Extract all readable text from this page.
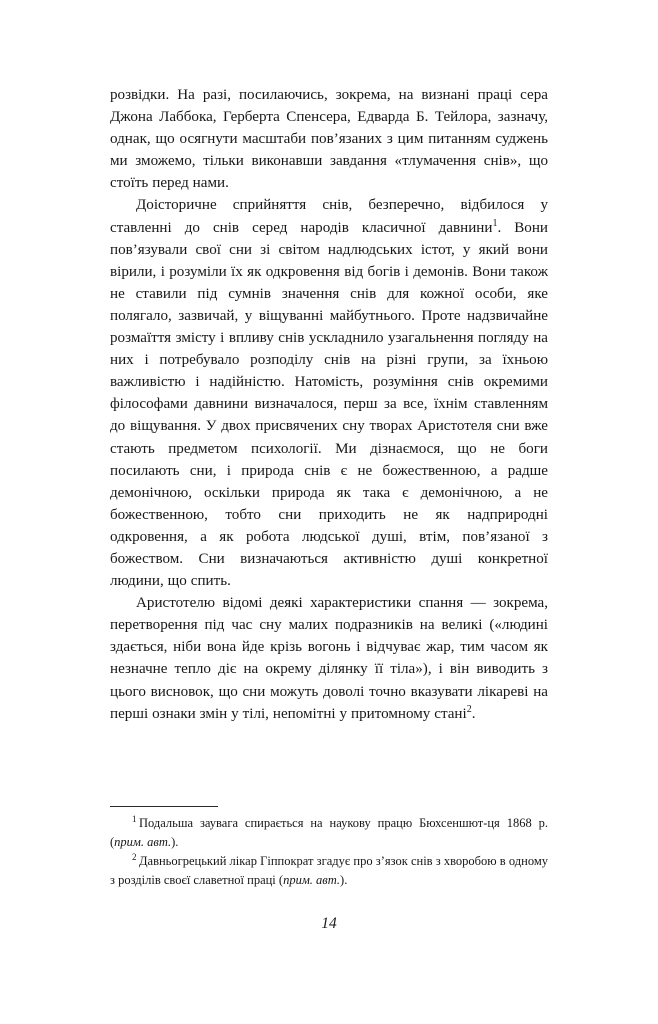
розвідки. На разі, посилаючись, зокрема, на визнані праці сера Джона Лаббока, Герберта Спенсера, Едварда Б. Тейлора, зазначу, однак, що осягнути масштаби пов’язаних з цим питанням суджень ми зможемо, тільки виконавши завдання «тлумачення снів», що стоїть перед нами.

Доісторичне сприйняття снів, безперечно, відбилося у ставленні до снів серед народів класичної давнини$^1$. Вони пов’язували свої сни зі світом надлюдських істот, у який вони вірили, і розуміли їх як одкровення від богів і демонів. Вони також не ставили під сумнів значення снів для кожної особи, яке полягало, зазвичай, у віщуванні майбутнього. Проте надзвичайне розмаїття змісту і впливу снів ускладнило узагальнення погляду на них і потребувало розподілу снів на різні групи, за їхньою важливістю і надійністю. Натомість, розуміння снів окремими філософами давнини визначалося, перш за все, їхнім ставленням до віщування. У двох присвячених сну творах Аристотеля сни вже стають предметом психології. Ми дізнаємося, що не боги посилають сни, і природа снів є не божественною, а радше демонічною, оскільки природа як така є демонічною, а не божественною, тобто сни приходить не як надприродні одкровення, а як робота людської душі, втім, пов’язаної з божеством. Сни визначаються активністю душі конкретної людини, що спить.

Аристотелю відомі деякі характеристики спання — зокрема, перетворення під час сну малих подразників на великі («людині здається, ніби вона йде крізь вогонь і відчуває жар, тим часом як незначне тепло діє на окрему ділянку її тіла»), і він виводить з цього висновок, що сни можуть доволі точно вказувати лікареві на перші ознаки змін у тілі, непомітні у притомному стані$^2$.

$^1$ Подальша заувага спирається на наукову працю Бюхсеншют-ця 1868 р. (прим. авт.).

$^2$ Давньогрецький лікар Гіппократ згадує про з’язок снів з хворобою в одному з розділів своєї славетної праці (прим. авт.).

14
